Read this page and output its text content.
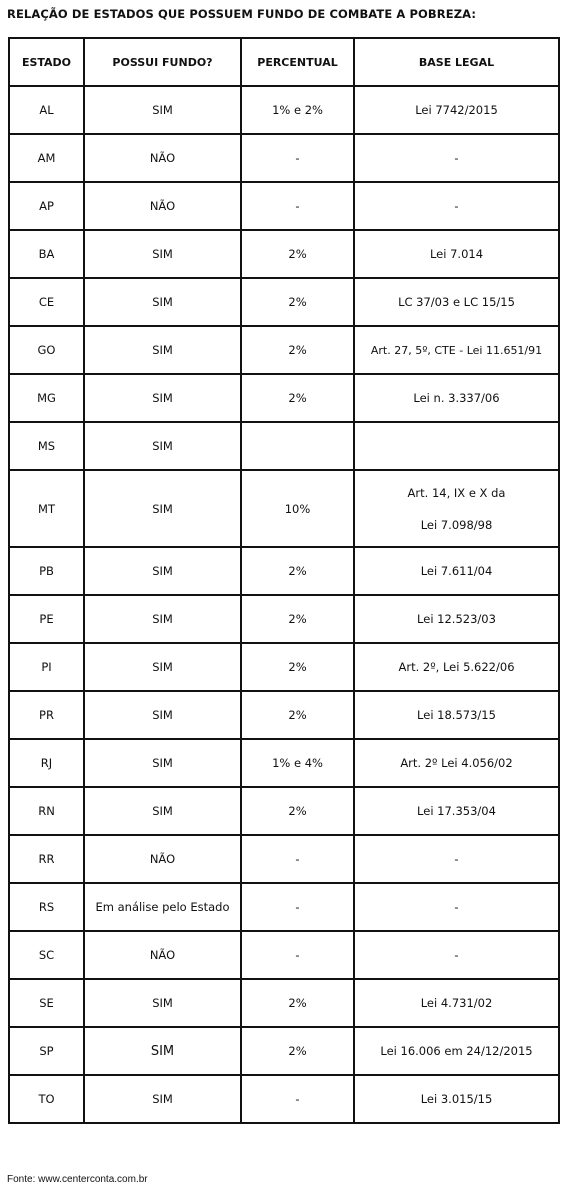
RELAÇÃO DE ESTADOS QUE POSSUEM FUNDO DE COMBATE A POBREZA:
ESTADO	POSSUI FUNDO?	PERCENTUAL	BASE LEGAL
AL	SIM	1% e 2%	Lei 7742/2015
AM	NÃO	-	-
AP	NÃO	-	-
BA	SIM	2%	Lei 7.014
CE	SIM	2%	LC 37/03 e LC 15/15
GO	SIM	2%	Art. 27, 5º, CTE - Lei 11.651/91
MG	SIM	2%	Lei n. 3.337/06
MS	SIM		
MT	SIM	10%	Art. 14, IX e X da
Lei 7.098/98

PB	SIM	2%	Lei 7.611/04
PE	SIM	2%	Lei 12.523/03
PI	SIM	2%	Art. 2º, Lei 5.622/06
PR	SIM	2%	Lei 18.573/15
RJ	SIM	1% e 4%	Art. 2º Lei 4.056/02
RN	SIM	2%	Lei 17.353/04
RR	NÃO	-	-
RS	Em análise pelo Estado	-	-
SC	NÃO	-	-
SE	SIM	2%	Lei 4.731/02
SP	SIM	2%	Lei 16.006 em 24/12/2015
TO	SIM	-	Lei 3.015/15
Fonte: www.centerconta.com.br
